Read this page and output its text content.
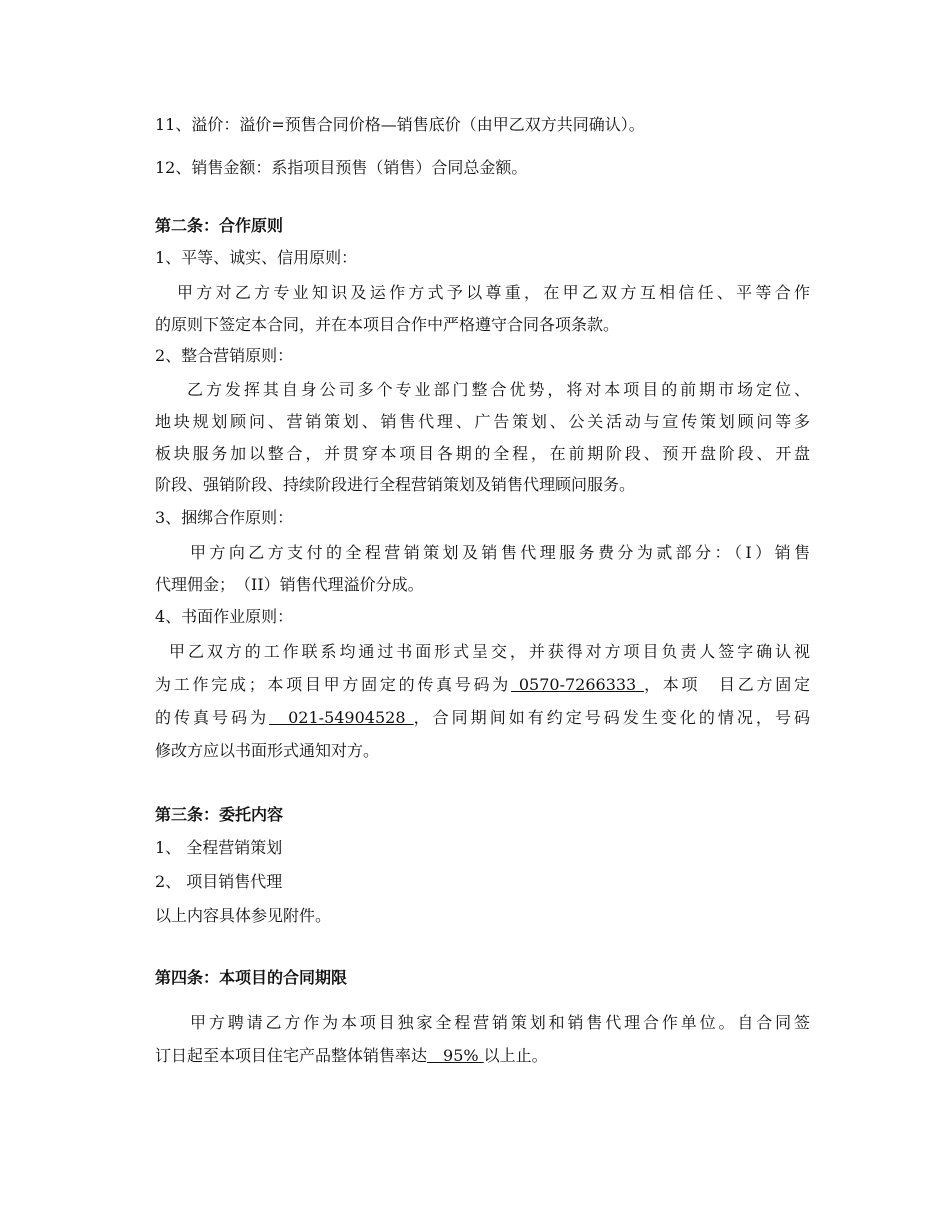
11、溢价：溢价=预售合同价格—销售底价（由甲乙双方共同确认）。
12、销售金额：系指项目预售（销售）合同总金额。
第二条：合作原则
1、平等、诚实、信用原则：
甲方对乙方专业知识及运作方式予以尊重，在甲乙双方互相信任、平等合作
的原则下签定本合同，并在本项目合作中严格遵守合同各项条款。
2、整合营销原则：
乙方发挥其自身公司多个专业部门整合优势，将对本项目的前期市场定位、
地块规划顾问、营销策划、销售代理、广告策划、公关活动与宣传策划顾问等多
板块服务加以整合，并贯穿本项目各期的全程，在前期阶段、预开盘阶段、开盘
阶段、强销阶段、持续阶段进行全程营销策划及销售代理顾问服务。
3、捆绑合作原则：
甲方向乙方支付的全程营销策划及销售代理服务费分为贰部分：（I）销售
代理佣金；　（II）销售代理溢价分成。
4、书面作业原则：
甲乙双方的工作联系均通过书面形式呈交，并获得对方项目负责人签字确认视
为工作完成；本项目甲方固定的传真号码为 0570-7266333 ，本项　目乙方固定
的传真号码为　021-54904528 ，合同期间如有约定号码发生变化的情况，号码
修改方应以书面形式通知对方。
第三条：委托内容
1、 全程营销策划
2、 项目销售代理
以上内容具体参见附件。
第四条：本项目的合同期限
甲方聘请乙方作为本项目独家全程营销策划和销售代理合作单位。自合同签
订日起至本项目住宅产品整体销售率达　95% 以上止。
